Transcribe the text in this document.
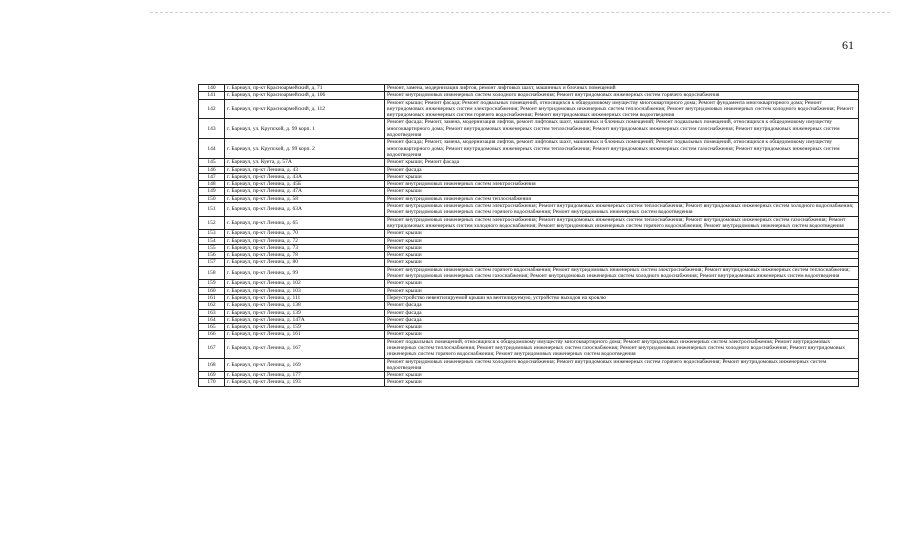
61
140	г. Барнаул, пр-кт Красноармейский, д. 71	Ремонт, замена, модернизация лифтов, ремонт лифтовых шахт, машинных и блочных помещений
141	г. Барнаул, пр-кт Красноармейский, д. 106	Ремонт внутридомовых инженерных систем холодного водоснабжения; Ремонт внутридомовых инженерных систем горячего водоснабжения
142	г. Барнаул, пр-кт Красноармейский, д. 112	Ремонт крыши; Ремонт фасада; Ремонт подвальных помещений, относящихся к общедомовому имуществу многоквартирного дома; Ремонт фундамента многоквартирного дома; Ремонт внутридомовых инженерных систем электроснабжения; Ремонт внутридомовых инженерных систем теплоснабжения; Ремонт внутридомовых инженерных систем холодного водоснабжения; Ремонт внутридомовых инженерных систем горячего водоснабжения; Ремонт внутридомовых инженерных систем водоотведения
143	г. Барнаул, ул. Крупской, д. 99 корп. 1	Ремонт фасада; Ремонт, замена, модернизация лифтов, ремонт лифтовых шахт, машинных и блочных помещений; Ремонт подвальных помещений, относящихся к общедомовому имуществу многоквартирного дома; Ремонт внутридомовых инженерных систем теплоснабжения; Ремонт внутридомовых инженерных систем газоснабжения; Ремонт внутридомовых инженерных систем водоотведения
144	г. Барнаул, ул. Крупской, д. 99 корп. 2	Ремонт фасада; Ремонт, замена, модернизация лифтов, ремонт лифтовых шахт, машинных и блочных помещений; Ремонт подвальных помещений, относящихся к общедомовому имуществу многоквартирного дома; Ремонт внутридомовых инженерных систем теплоснабжения; Ремонт внутридомовых инженерных систем газоснабжения; Ремонт внутридомовых инженерных систем водоотведения
145	г. Барнаул, ул. Куета, д. 57А	Ремонт крыши; Ремонт фасада
146	г. Барнаул, пр-кт Ленина, д. 43	Ремонт фасада
147	г. Барнаул, пр-кт Ленина, д. 43А	Ремонт крыши
148	г. Барнаул, пр-кт Ленина, д. 45Б	Ремонт внутридомовых инженерных систем электроснабжения
149	г. Барнаул, пр-кт Ленина, д. 47А	Ремонт крыши
150	г. Барнаул, пр-кт Ленина, д. 58	Ремонт внутридомовых инженерных систем теплоснабжения
151	г. Барнаул, пр-кт Ленина, д. 63А	Ремонт внутридомовых инженерных систем электроснабжения; Ремонт внутридомовых инженерных систем теплоснабжения; Ремонт внутридомовых инженерных систем холодного водоснабжения; Ремонт внутридомовых инженерных систем горячего водоснабжения; Ремонт внутридомовых инженерных систем водоотведения
152	г. Барнаул, пр-кт Ленина, д. 65	Ремонт внутридомовых инженерных систем электроснабжения; Ремонт внутридомовых инженерных систем теплоснабжения; Ремонт внутридомовых инженерных систем газоснабжения; Ремонт внутридомовых инженерных систем холодного водоснабжения; Ремонт внутридомовых инженерных систем горячего водоснабжения; Ремонт внутридомовых инженерных систем водоотведения
153	г. Барнаул, пр-кт Ленина, д. 70	Ремонт крыши
154	г. Барнаул, пр-кт Ленина, д. 72	Ремонт крыши
155	г. Барнаул, пр-кт Ленина, д. 73	Ремонт крыши
156	г. Барнаул, пр-кт Ленина, д. 78	Ремонт крыши
157	г. Барнаул, пр-кт Ленина, д. 80	Ремонт крыши
158	г. Барнаул, пр-кт Ленина, д. 99	Ремонт внутридомовых инженерных систем горячего водоснабжения; Ремонт внутридомовых инженерных систем электроснабжения; Ремонт внутридомовых инженерных систем теплоснабжения; Ремонт внутридомовых инженерных систем газоснабжения; Ремонт внутридомовых инженерных систем холодного водоснабжения; Ремонт внутридомовых инженерных систем водоотведения
159	г. Барнаул, пр-кт Ленина, д. 102	Ремонт крыши
160	г. Барнаул, пр-кт Ленина, д. 103	Ремонт крыши
161	г. Барнаул, пр-кт Ленина, д. 111	Переустройство невентилируемой крыши на вентилируемую, устройство выходов на кровлю
162	г. Барнаул, пр-кт Ленина, д. 138	Ремонт фасада
163	г. Барнаул, пр-кт Ленина, д. 139	Ремонт фасада
164	г. Барнаул, пр-кт Ленина, д. 147А	Ремонт фасада
165	г. Барнаул, пр-кт Ленина, д. 159	Ремонт крыши
166	г. Барнаул, пр-кт Ленина, д. 161	Ремонт крыши
167	г. Барнаул, пр-кт Ленина, д. 167	Ремонт подвальных помещений, относящихся к общедомовому имуществу многоквартирного дома; Ремонт внутридомовых инженерных систем электроснабжения; Ремонт внутридомовых инженерных систем теплоснабжения; Ремонт внутридомовых инженерных систем газоснабжения; Ремонт внутридомовых инженерных систем холодного водоснабжения; Ремонт внутридомовых инженерных систем горячего водоснабжения; Ремонт внутридомовых инженерных систем водоотведения
168	г. Барнаул, пр-кт Ленина, д. 169	Ремонт внутридомовых инженерных систем холодного водоснабжения; Ремонт внутридомовых инженерных систем горячего водоснабжения; Ремонт внутридомовых инженерных систем водоотведения
169	г. Барнаул, пр-кт Ленина, д. 177	Ремонт крыши
170	г. Барнаул, пр-кт Ленина, д. 193	Ремонт крыши
